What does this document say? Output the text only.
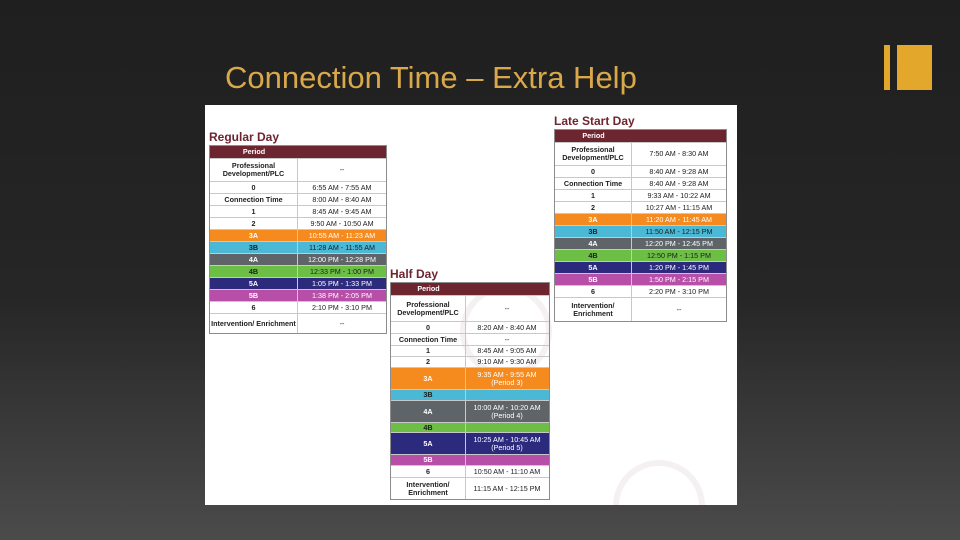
Connection Time – Extra Help
Regular Day
Period
Professional Development/PLC	--
0	6:55 AM - 7:55 AM
Connection Time	8:00 AM - 8:40 AM
1	8:45 AM - 9:45 AM
2	9:50 AM - 10:50 AM
3A	10:55 AM - 11:23 AM
3B	11:28 AM - 11:55 AM
4A	12:00 PM - 12:28 PM
4B	12:33 PM - 1:00 PM
5A	1:05 PM - 1:33 PM
5B	1:38 PM - 2:05 PM
6	2:10 PM - 3:10 PM
Intervention/ Enrichment	--
Late Start Day
Period
Professional Development/PLC	7:50 AM - 8:30 AM
0	8:40 AM - 9:28 AM
Connection Time	8:40 AM - 9:28 AM
1	9:33 AM - 10:22 AM
2	10:27 AM - 11:15 AM
3A	11:20 AM - 11:45 AM
3B	11:50 AM - 12:15 PM
4A	12:20 PM - 12:45 PM
4B	12:50 PM - 1:15 PM
5A	1:20 PM - 1:45 PM
5B	1:50 PM - 2:15 PM
6	2:20 PM - 3:10 PM
Intervention/ Enrichment	--
Half Day
Period
Professional Development/PLC	--
0	8:20 AM - 8:40 AM
Connection Time	--
1	8:45 AM - 9:05 AM
2	9:10 AM - 9:30 AM
3A	9:35 AM - 9:55 AM (Period 3)
3B
4A	10:00 AM - 10:20 AM (Period 4)
4B
5A	10:25 AM - 10:45 AM (Period 5)
5B
6	10:50 AM - 11:10 AM
Intervention/ Enrichment	11:15 AM - 12:15 PM
